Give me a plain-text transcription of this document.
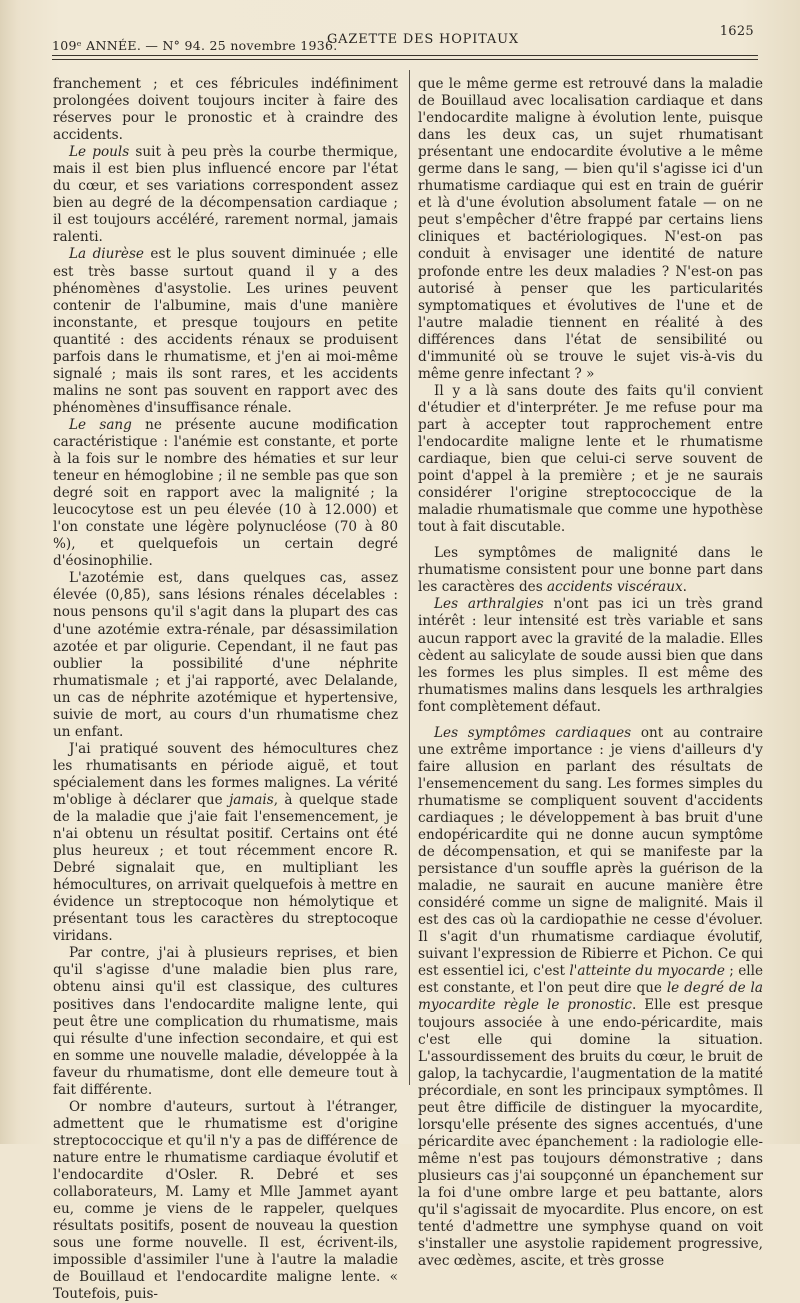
109ᵉ ANNÉE. — N° 94. 25 novembre 1936.
GAZETTE DES HOPITAUX
1625

franchement ; et ces fébricules indéfiniment prolongées doivent toujours inciter à faire des réserves pour le pronostic et à craindre des accidents.

Le pouls suit à peu près la courbe thermique, mais il est bien plus influencé encore par l'état du cœur, et ses variations correspondent assez bien au degré de la décompensation cardiaque ; il est toujours accéléré, rarement normal, jamais ralenti.

La diurèse est le plus souvent diminuée ; elle est très basse surtout quand il y a des phénomènes d'asystolie. Les urines peuvent contenir de l'albumine, mais d'une manière inconstante, et presque toujours en petite quantité : des accidents rénaux se produisent parfois dans le rhumatisme, et j'en ai moi-même signalé ; mais ils sont rares, et les accidents malins ne sont pas souvent en rapport avec des phénomènes d'insuffisance rénale.

Le sang ne présente aucune modification caractéristique : l'anémie est constante, et porte à la fois sur le nombre des hématies et sur leur teneur en hémoglobine ; il ne semble pas que son degré soit en rapport avec la malignité ; la leucocytose est un peu élevée (10 à 12.000) et l'on constate une légère polynucléose (70 à 80 %), et quelquefois un certain degré d'éosinophilie.

L'azotémie est, dans quelques cas, assez élevée (0,85), sans lésions rénales décelables : nous pensons qu'il s'agit dans la plupart des cas d'une azotémie extra-rénale, par désassimilation azotée et par oligurie. Cependant, il ne faut pas oublier la possibilité d'une néphrite rhumatismale ; et j'ai rapporté, avec Delalande, un cas de néphrite azotémique et hypertensive, suivie de mort, au cours d'un rhumatisme chez un enfant.

J'ai pratiqué souvent des hémocultures chez les rhumatisants en période aiguë, et tout spécialement dans les formes malignes. La vérité m'oblige à déclarer que jamais, à quelque stade de la maladie que j'aie fait l'ensemencement, je n'ai obtenu un résultat positif. Certains ont été plus heureux ; et tout récemment encore R. Debré signalait que, en multipliant les hémocultures, on arrivait quelquefois à mettre en évidence un streptocoque non hémolytique et présentant tous les caractères du streptocoque viridans.

Par contre, j'ai à plusieurs reprises, et bien qu'il s'agisse d'une maladie bien plus rare, obtenu ainsi qu'il est classique, des cultures positives dans l'endocardite maligne lente, qui peut être une complication du rhumatisme, mais qui résulte d'une infection secondaire, et qui est en somme une nouvelle maladie, développée à la faveur du rhumatisme, dont elle demeure tout à fait différente.

Or nombre d'auteurs, surtout à l'étranger, admettent que le rhumatisme est d'origine streptococcique et qu'il n'y a pas de différence de nature entre le rhumatisme cardiaque évolutif et l'endocardite d'Osler. R. Debré et ses collaborateurs, M. Lamy et Mlle Jammet ayant eu, comme je viens de le rappeler, quelques résultats positifs, posent de nouveau la question sous une forme nouvelle. Il est, écrivent-ils, impossible d'assimiler l'une à l'autre la maladie de Bouillaud et l'endocardite maligne lente. « Toutefois, puis-

que le même germe est retrouvé dans la maladie de Bouillaud avec localisation cardiaque et dans l'endocardite maligne à évolution lente, puisque dans les deux cas, un sujet rhumatisant présentant une endocardite évolutive a le même germe dans le sang, — bien qu'il s'agisse ici d'un rhumatisme cardiaque qui est en train de guérir et là d'une évolution absolument fatale — on ne peut s'empêcher d'être frappé par certains liens cliniques et bactériologiques. N'est-on pas conduit à envisager une identité de nature profonde entre les deux maladies ? N'est-on pas autorisé à penser que les particularités symptomatiques et évolutives de l'une et de l'autre maladie tiennent en réalité à des différences dans l'état de sensibilité ou d'immunité où se trouve le sujet vis-à-vis du même genre infectant ? »

Il y a là sans doute des faits qu'il convient d'étudier et d'interpréter. Je me refuse pour ma part à accepter tout rapprochement entre l'endocardite maligne lente et le rhumatisme cardiaque, bien que celui-ci serve souvent de point d'appel à la première ; et je ne saurais considérer l'origine streptococcique de la maladie rhumatismale que comme une hypothèse tout à fait discutable.

Les symptômes de malignité dans le rhumatisme consistent pour une bonne part dans les caractères des accidents viscéraux.

Les arthralgies n'ont pas ici un très grand intérêt : leur intensité est très variable et sans aucun rapport avec la gravité de la maladie. Elles cèdent au salicylate de soude aussi bien que dans les formes les plus simples. Il est même des rhumatismes malins dans lesquels les arthralgies font complètement défaut.

Les symptômes cardiaques ont au contraire une extrême importance : je viens d'ailleurs d'y faire allusion en parlant des résultats de l'ensemencement du sang. Les formes simples du rhumatisme se compliquent souvent d'accidents cardiaques ; le développement à bas bruit d'une endopéricardite qui ne donne aucun symptôme de décompensation, et qui se manifeste par la persistance d'un souffle après la guérison de la maladie, ne saurait en aucune manière être considéré comme un signe de malignité. Mais il est des cas où la cardiopathie ne cesse d'évoluer. Il s'agit d'un rhumatisme cardiaque évolutif, suivant l'expression de Ribierre et Pichon. Ce qui est essentiel ici, c'est l'atteinte du myocarde ; elle est constante, et l'on peut dire que le degré de la myocardite règle le pronostic. Elle est presque toujours associée à une endo-péricardite, mais c'est elle qui domine la situation. L'assourdissement des bruits du cœur, le bruit de galop, la tachycardie, l'augmentation de la matité précordiale, en sont les principaux symptômes. Il peut être difficile de distinguer la myocardite, lorsqu'elle présente des signes accentués, d'une péricardite avec épanchement : la radiologie elle-même n'est pas toujours démonstrative ; dans plusieurs cas j'ai soupçonné un épanchement sur la foi d'une ombre large et peu battante, alors qu'il s'agissait de myocardite. Plus encore, on est tenté d'admettre une symphyse quand on voit s'installer une asystolie rapidement progressive, avec œdèmes, ascite, et très grosse
